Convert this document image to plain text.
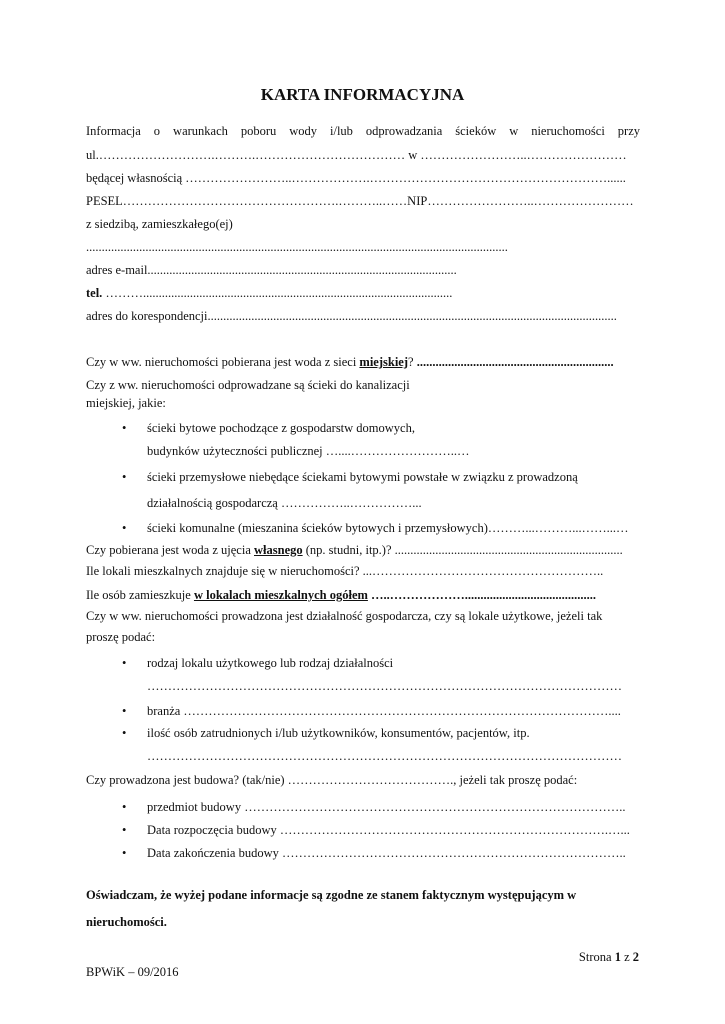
KARTA INFORMACYJNA
Informacja o warunkach poboru wody i/lub odprowadzania ścieków w nieruchomości przy
ul.……………………….……….……………………………… w ……………………..……………………
będącej własnością ……………………..……………….…………………………………………………......
PESEL…………………………………………….………..……NIP……………………..……………………
z siedzibą, zamieszkałego(ej)
.......................................................................................................................................
adres e-mail...................................................................................................
tel. ………...................................................................................................
adres do korespondencji...................................................................................................................................
Czy w ww. nieruchomości pobierana jest woda z sieci miejskiej? ...............................................................
Czy z ww. nieruchomości odprowadzane są ścieki do kanalizacji
miejskiej, jakie:
• ścieki bytowe pochodzące z gospodarstw domowych,
budynków użyteczności publicznej …....……………………..…
• ścieki przemysłowe niebędące ściekami bytowymi powstałe w związku z prowadzoną
działalnością gospodarczą ……………..……………...
• ścieki komunalne (mieszanina ścieków bytowych i przemysłowych)………...………...……...…
Czy pobierana jest woda z ujęcia własnego (np. studni, itp.)? .........................................................................
Ile lokali mieszkalnych znajduje się w nieruchomości? ...………………………………………………..
Ile osób zamieszkuje w lokalach mieszkalnych ogółem …..………………..........................................
Czy w ww. nieruchomości prowadzona jest działalność gospodarcza, czy są lokale użytkowe, jeżeli tak
proszę podać:
• rodzaj lokalu użytkowego lub rodzaj działalności
……………………………………………………………………………………………………
• branża …………………………………………………………………………………………....
• ilość osób zatrudnionych i/lub użytkowników, konsumentów, pacjentów, itp.
……………………………………………………………………………………………………
Czy prowadzona jest budowa? (tak/nie) …………………………………., jeżeli tak proszę podać:
• przedmiot budowy ………………………………………………………………………………..
• Data rozpoczęcia budowy …………………………………………………………………….…...
• Data zakończenia budowy ………………………………………………………………………..
Oświadczam, że wyżej podane informacje są zgodne ze stanem faktycznym występującym w
nieruchomości.
Strona 1 z 2
BPWiK – 09/2016
